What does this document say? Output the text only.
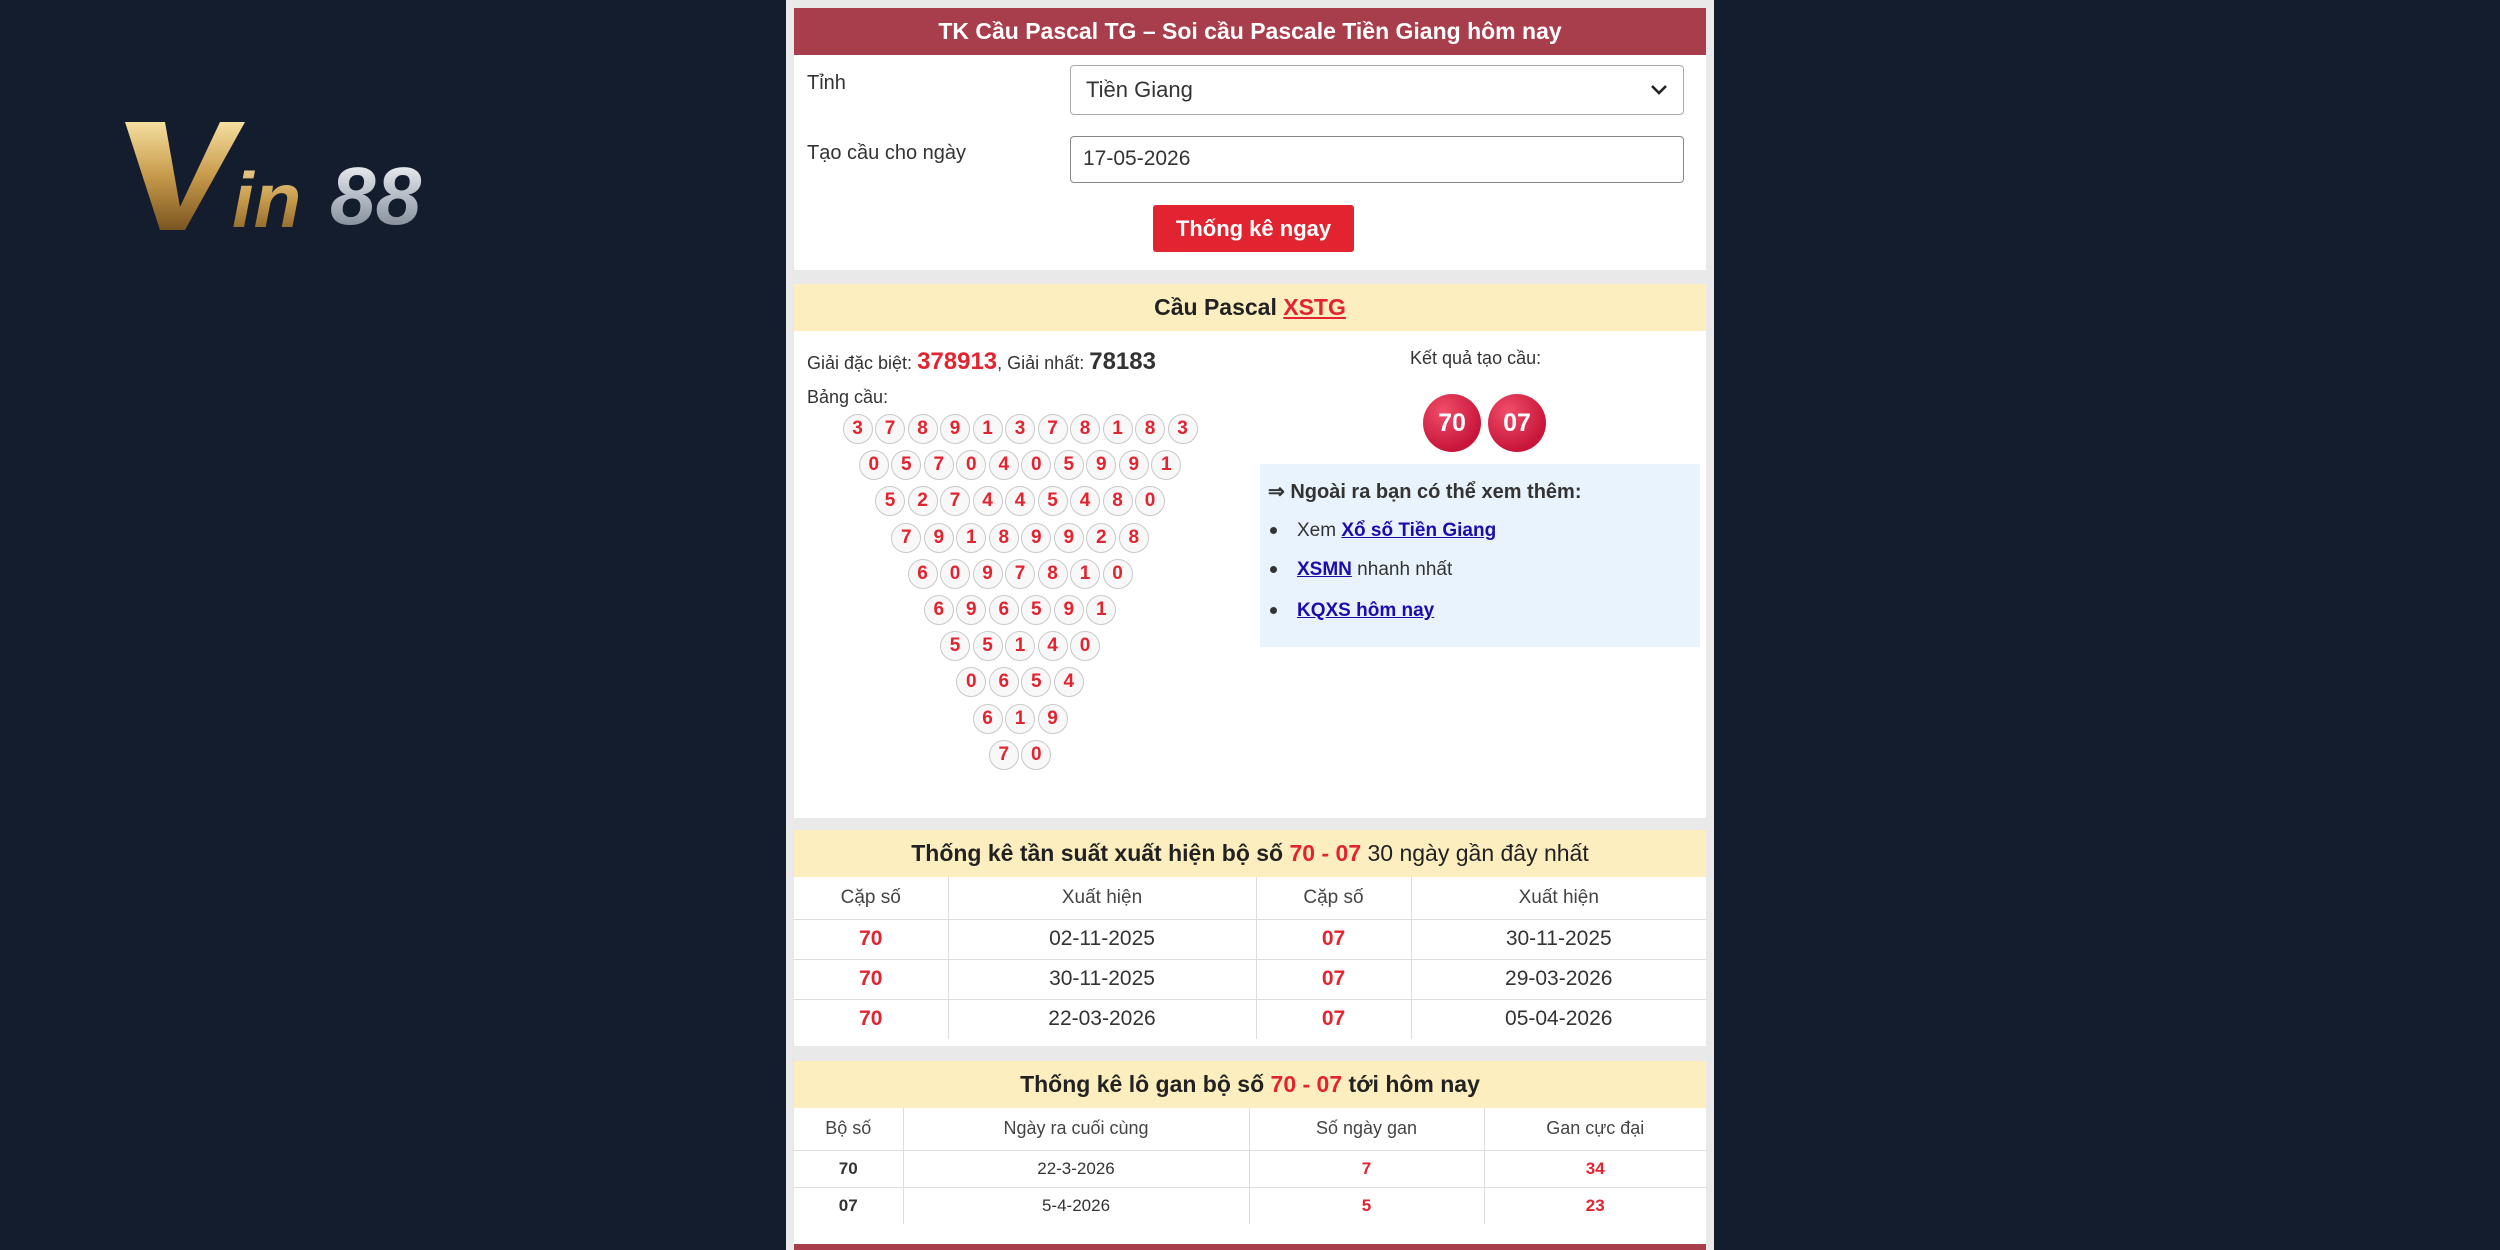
in 88
TK Cầu Pascal TG – Soi cầu Pascale Tiền Giang hôm nay
Tỉnh	Tiền Giang
Tạo cầu cho ngày	17-05-2026
Thống kê ngay
Cầu Pascal XSTG
Giải đặc biệt: 378913, Giải nhất: 78183
Bảng cầu:
3	7	8	9	1	3	7	8	1	8	3
0	5	7	0	4	0	5	9	9	1
5	2	7	4	4	5	4	8	0
7	9	1	8	9	9	2	8
6	0	9	7	8	1	0
6	9	6	5	9	1
5	5	1	4	0
0	6	5	4
6	1	9
7	0
Kết quả tạo cầu:
70	07
⇒ Ngoài ra bạn có thể xem thêm:
Xem Xổ số Tiền Giang
XSMN nhanh nhất
KQXS hôm nay
Thống kê tần suất xuất hiện bộ số 70 - 07 30 ngày gần đây nhất
Cặp số	Xuất hiện	Cặp số	Xuất hiện
70	02-11-2025	07	30-11-2025
70	30-11-2025	07	29-03-2026
70	22-03-2026	07	05-04-2026
Thống kê lô gan bộ số 70 - 07 tới hôm nay
Bộ số	Ngày ra cuối cùng	Số ngày gan	Gan cực đại
70	22-3-2026	7	34
07	5-4-2026	5	23
